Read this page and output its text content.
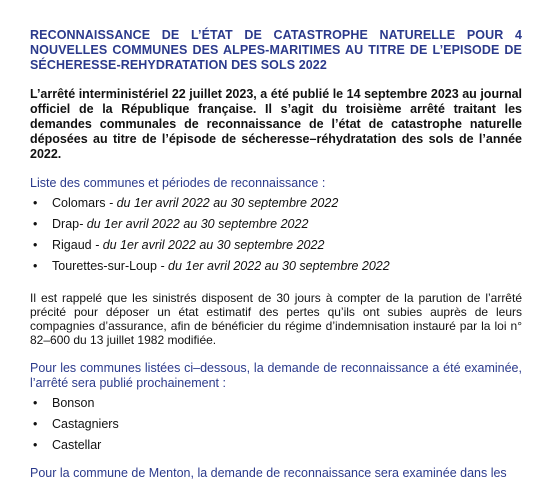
RECONNAISSANCE DE L’ÉTAT DE CATASTROPHE NATURELLE POUR 4 NOUVELLES COMMUNES DES ALPES-MARITIMES AU TITRE DE L’EPISODE DE SÉCHERESSE-REHYDRATATION DES SOLS 2022

L’arrêté interministériel 22 juillet 2023, a été publié le 14 septembre 2023 au journal officiel de la République française. Il s’agit du troisième arrêté traitant les demandes communales de reconnaissance de l’état de catastrophe naturelle déposées au titre de l’épisode de sécheresse–réhydratation des sols de l’année 2022.

Liste des communes et périodes de reconnaissance :

• Colomars - du 1er avril 2022 au 30 septembre 2022
• Drap- du 1er avril 2022 au 30 septembre 2022
• Rigaud - du 1er avril 2022 au 30 septembre 2022
• Tourettes-sur-Loup - du 1er avril 2022 au 30 septembre 2022

Il est rappelé que les sinistrés disposent de 30 jours à compter de la parution de l’arrêté précité pour déposer un état estimatif des pertes qu’ils ont subies auprès de leurs compagnies d’assurance, afin de bénéficier du régime d’indemnisation instauré par la loi n° 82–600 du 13 juillet 1982 modifiée.

Pour les communes listées ci–dessous, la demande de reconnaissance a été examinée, l’arrêté sera publié prochainement :

• Bonson
• Castagniers
• Castellar

Pour la commune de Menton, la demande de reconnaissance sera examinée dans les
